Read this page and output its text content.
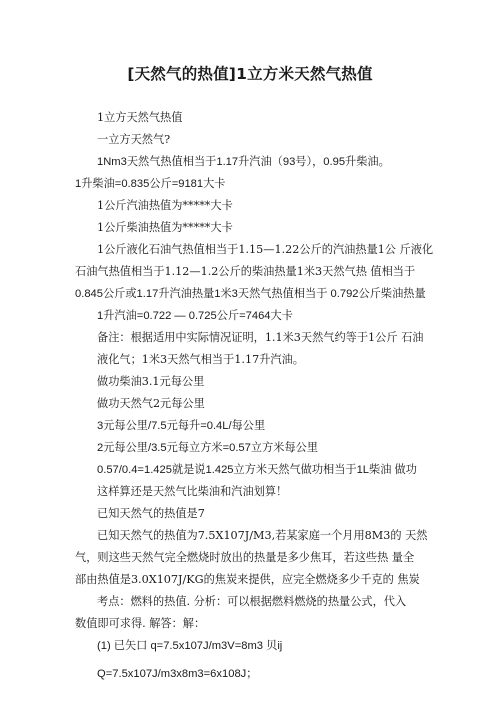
[天然气的热值]1立方米天然气热值
1立方天然气热值
一立方天然气?
1Nm3天然气热值相当于1.17升汽油（93号），0.95升柴油。
1升柴油=0.835公斤=9181大卡
1公斤汽油热值为*****大卡
1公斤柴油热值为*****大卡
1公斤液化石油气热值相当于1.15—1.22公斤的汽油热量1公 斤液化
石油气热值相当于1.12—1.2公斤的柴油热量1米3天然气热 值相当于
0.845公斤或1.17升汽油热量1米3天然气热值相当于 0.792公斤柴油热量
1升汽油=0.722 — 0.725公斤=7464大卡
备注：根据适用中实际情况证明，1.1米3天然气约等于1公斤 石油
液化气；1米3天然气相当于1.17升汽油。
做功柴油3.1元每公里
做功天然气2元每公里
3元每公里/7.5元每升=0.4L/每公里
2元每公里/3.5元每立方米=0.57立方米每公里
0.57/0.4=1.425就是说1.425立方米天然气做功相当于1L柴油 做功
这样算还是天然气比柴油和汽油划算！
已知天然气的热值是7
已知天然气的热值为7.5X107J/M3,若某家庭一个月用8M3的 天然
气，则这些天然气完全燃烧时放出的热量是多少焦耳，若这些热 量全
部由热值是3.0X107J/KG的焦炭来提供，应完全燃烧多少千克的 焦炭
考点：燃料的热值. 分析：可以根据燃料燃烧的热量公式，代入
数值即可求得. 解答：解：
(1) 已矢口 q=7.5x107J/m3V=8m3 贝ij
Q=7.5x107J/m3x8m3=6x108J；
